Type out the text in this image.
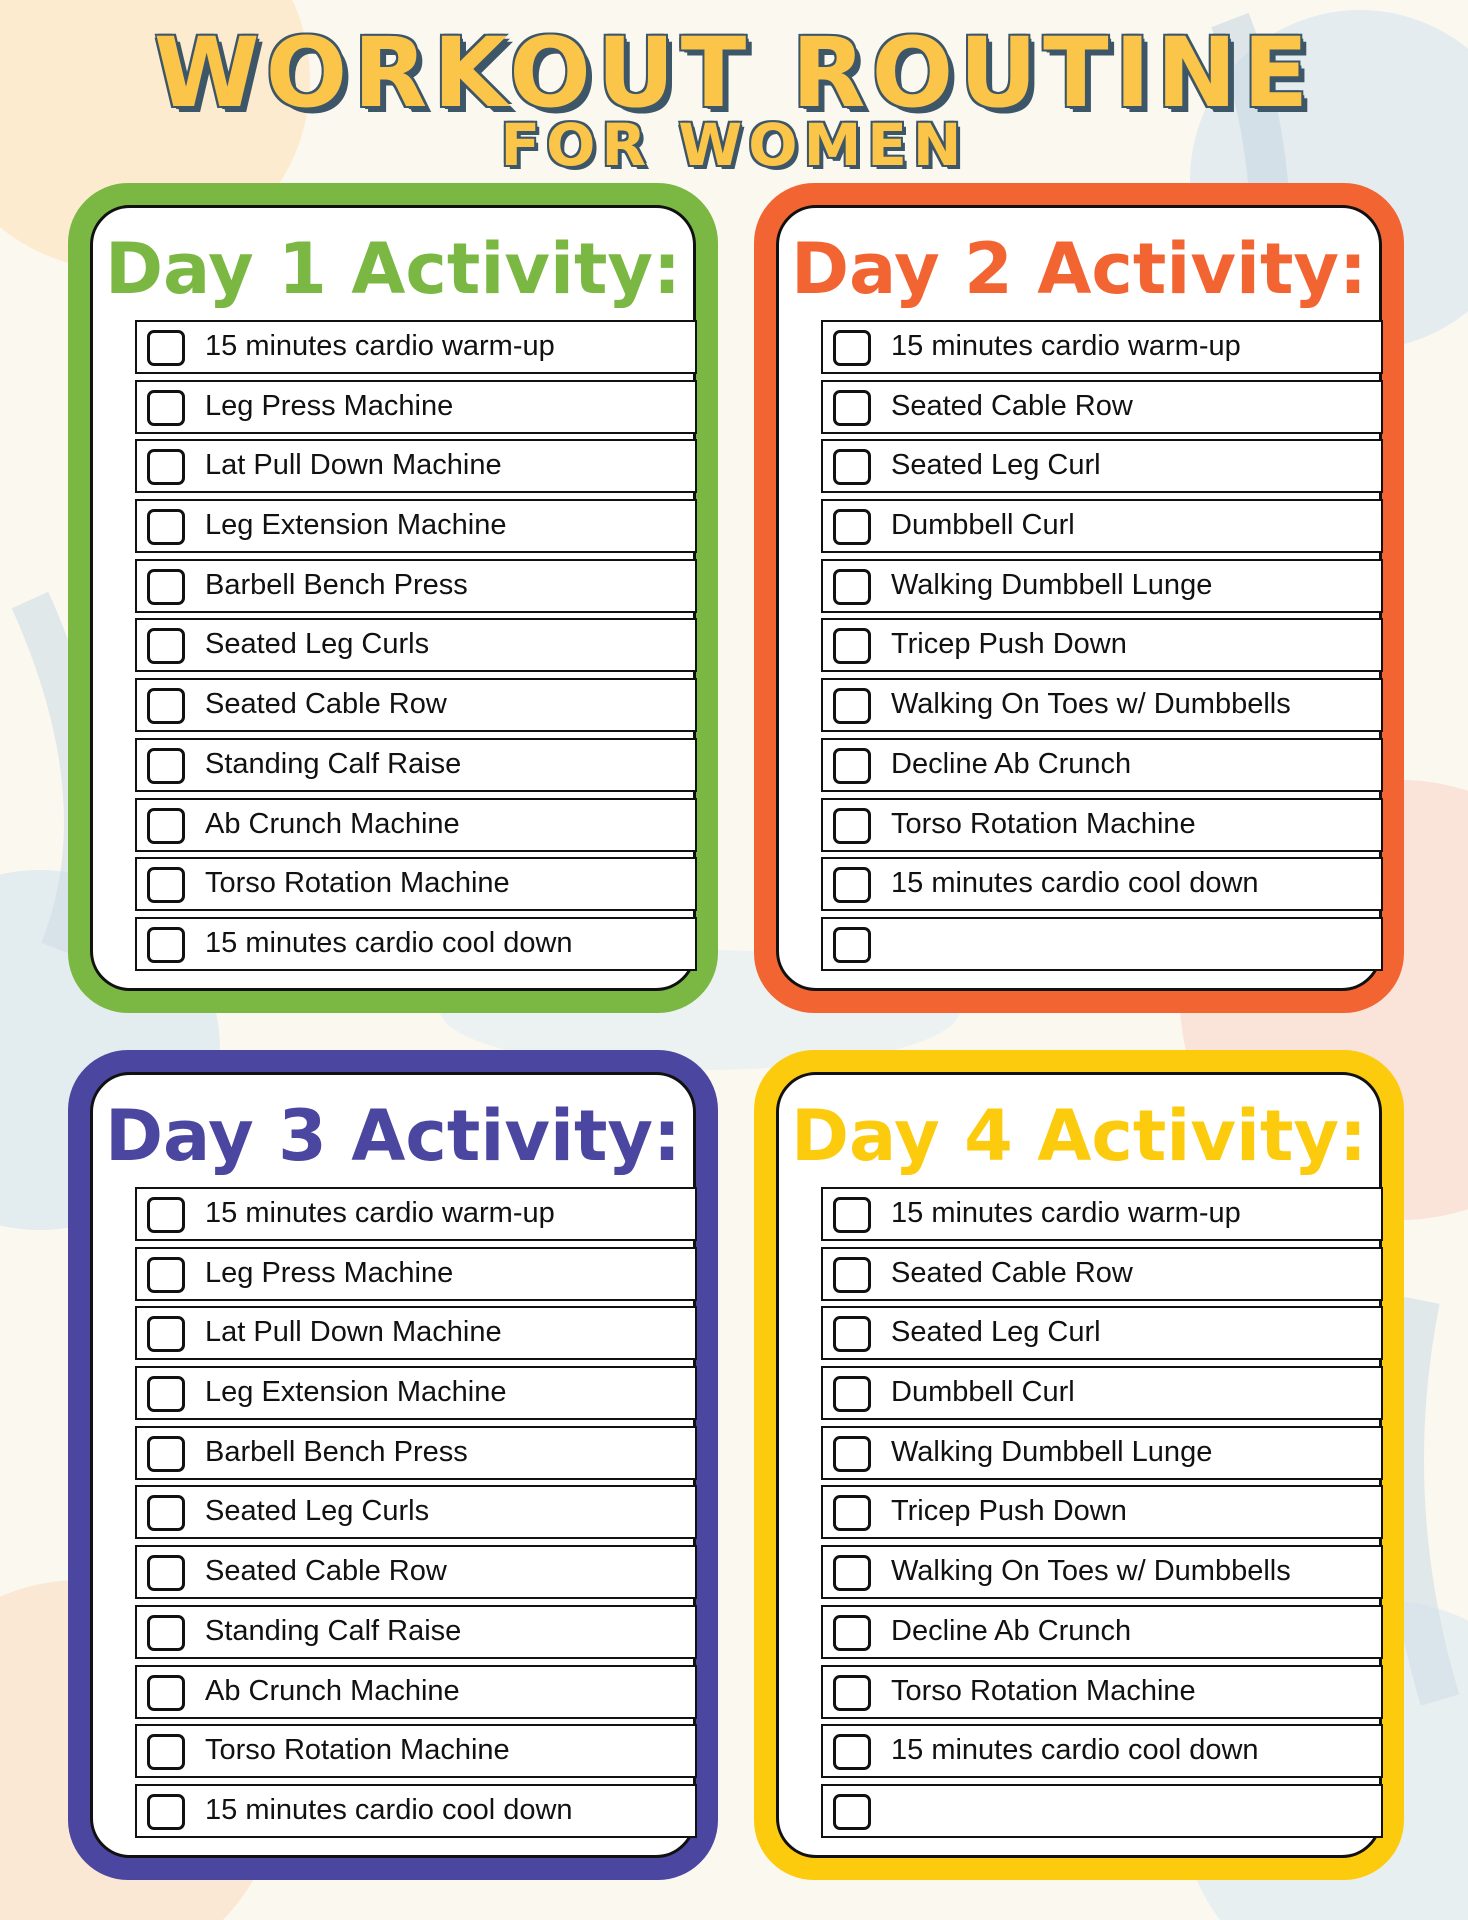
WORKOUT ROUTINE
FOR WOMEN
Day 1 Activity:
15 minutes cardio warm-up
Leg Press Machine
Lat Pull Down Machine
Leg Extension Machine
Barbell Bench Press
Seated Leg Curls
Seated Cable Row
Standing Calf Raise
Ab Crunch Machine
Torso Rotation Machine
15 minutes cardio cool down
Day 2 Activity:
15 minutes cardio warm-up
Seated Cable Row
Seated Leg Curl
Dumbbell Curl
Walking Dumbbell Lunge
Tricep Push Down
Walking On Toes w/ Dumbbells
Decline Ab Crunch
Torso Rotation Machine
15 minutes cardio cool down
Day 3 Activity:
15 minutes cardio warm-up
Leg Press Machine
Lat Pull Down Machine
Leg Extension Machine
Barbell Bench Press
Seated Leg Curls
Seated Cable Row
Standing Calf Raise
Ab Crunch Machine
Torso Rotation Machine
15 minutes cardio cool down
Day 4 Activity:
15 minutes cardio warm-up
Seated Cable Row
Seated Leg Curl
Dumbbell Curl
Walking Dumbbell Lunge
Tricep Push Down
Walking On Toes w/ Dumbbells
Decline Ab Crunch
Torso Rotation Machine
15 minutes cardio cool down
